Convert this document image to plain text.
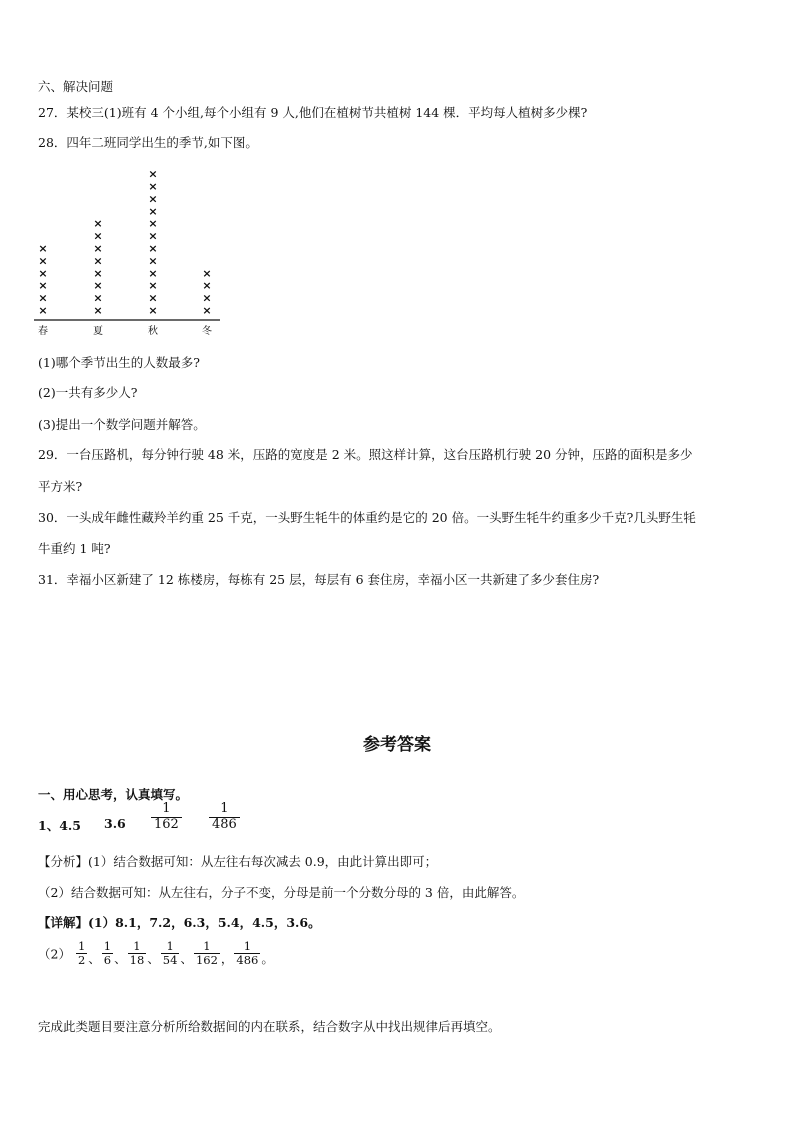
六、解决问题
27．某校三(1)班有 4 个小组,每个小组有 9 人,他们在植树节共植树 144 棵．平均每人植树多少棵?
28．四年二班同学出生的季节,如下图。
春
×
×
×
×
×
×
夏
×
×
×
×
×
×
×
×
秋
×
×
×
×
×
×
×
×
×
×
×
×
冬
×
×
×
×
(1)哪个季节出生的人数最多?
(2)一共有多少人?
(3)提出一个数学问题并解答。
29．一台压路机，每分钟行驶 48 米，压路的宽度是 2 米。照这样计算，这台压路机行驶 20 分钟，压路的面积是多少
平方米?
30．一头成年雌性藏羚羊约重 25 千克，一头野生牦牛的体重约是它的 20 倍。一头野生牦牛约重多少千克?几头野生牦
牛重约 1 吨?
31．幸福小区新建了 12 栋楼房，每栋有 25 层，每层有 6 套住房，幸福小区一共新建了多少套住房?
参考答案
一、用心思考，认真填写。
1、4.5 $3.6 \frac{1}{162} \frac{1}{486}$
【分析】(1）结合数据可知：从左往右每次减去 0.9，由此计算出即可；
（2）结合数据可知：从左往右，分子不变，分母是前一个分数分母的 3 倍，由此解答。
【详解】(1）8.1，7.2，6.3，5.4，4.5，3.6。
$(2) \frac{1}{2}$ 、 $\frac{1}{6}$ 、 $\frac{1}{18}$ 、 $\frac{1}{54}$ 、 $\frac{1}{162}$ ， $\frac{1}{486}$ 。
完成此类题目要注意分析所给数据间的内在联系，结合数字从中找出规律后再填空。
